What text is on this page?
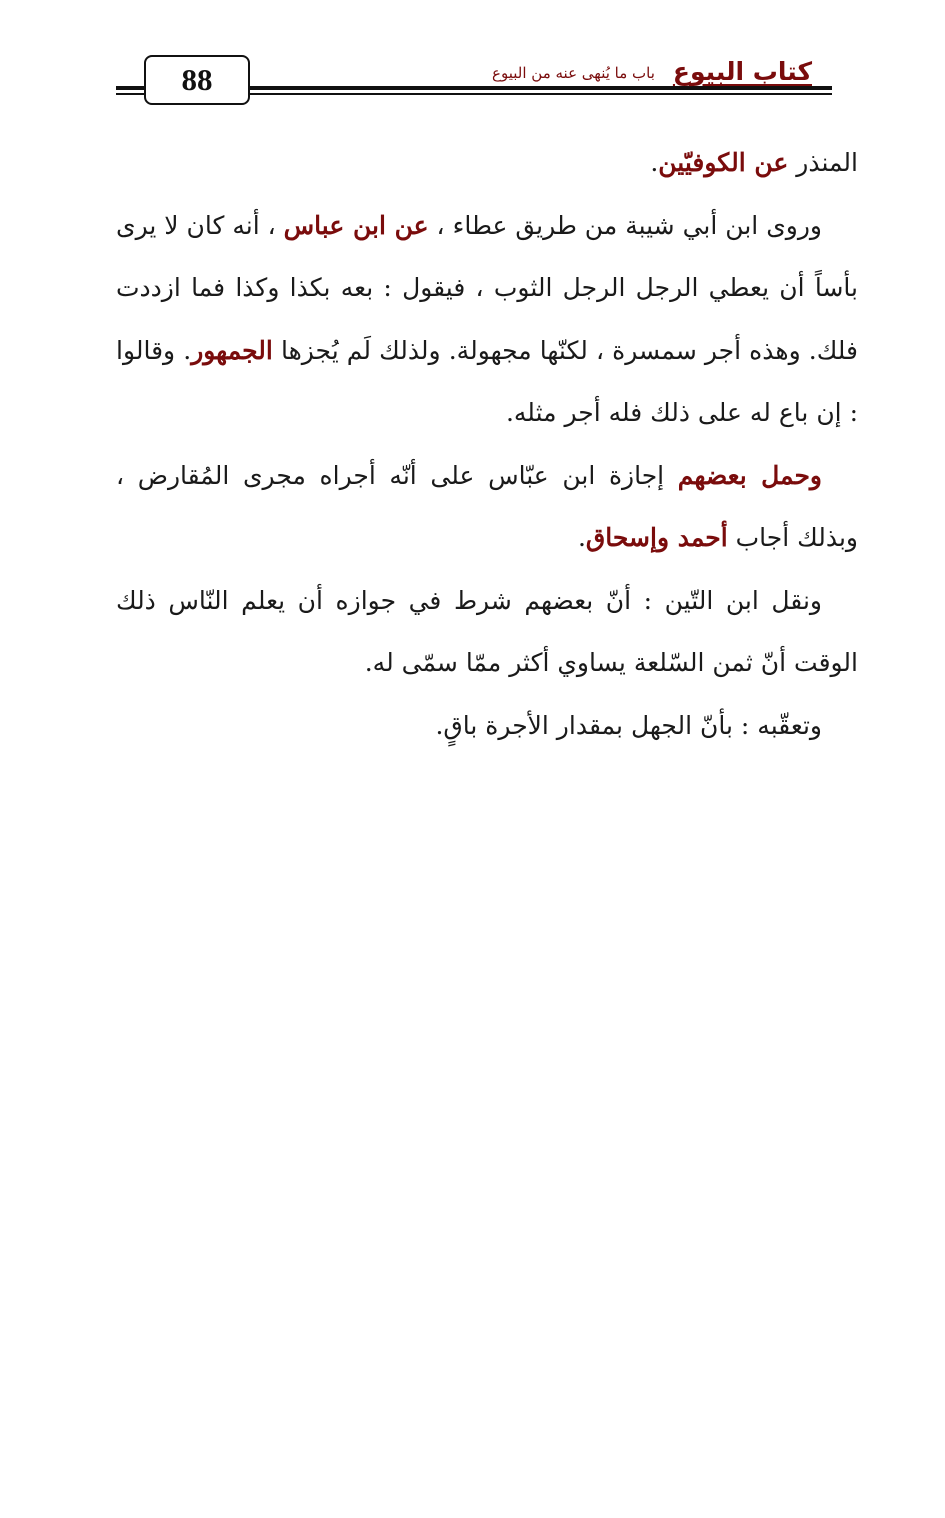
88	كتاب البيوع
باب ما يُنهى عنه من البيوع

المنذر عن الكوفيّين.

وروى ابن أبي شيبة من طريق عطاء ، عن ابن عباس ، أنه كان لا يرى بأساً أن يعطي الرجل الرجل الثوب ، فيقول : بعه بكذا وكذا فما ازددت فلك. وهذه أجر سمسرة ، لكنّها مجهولة. ولذلك لَم يُجزها الجمهور. وقالوا : إن باع له على ذلك فله أجر مثله.

وحمل بعضهم إجازة ابن عبّاس على أنّه أجراه مجرى المُقارض ، وبذلك أجاب أحمد وإسحاق.

ونقل ابن التّين : أنّ بعضهم شرط في جوازه أن يعلم النّاس ذلك الوقت أنّ ثمن السّلعة يساوي أكثر ممّا سمّى له.

وتعقّبه : بأنّ الجهل بمقدار الأجرة باقٍ.
